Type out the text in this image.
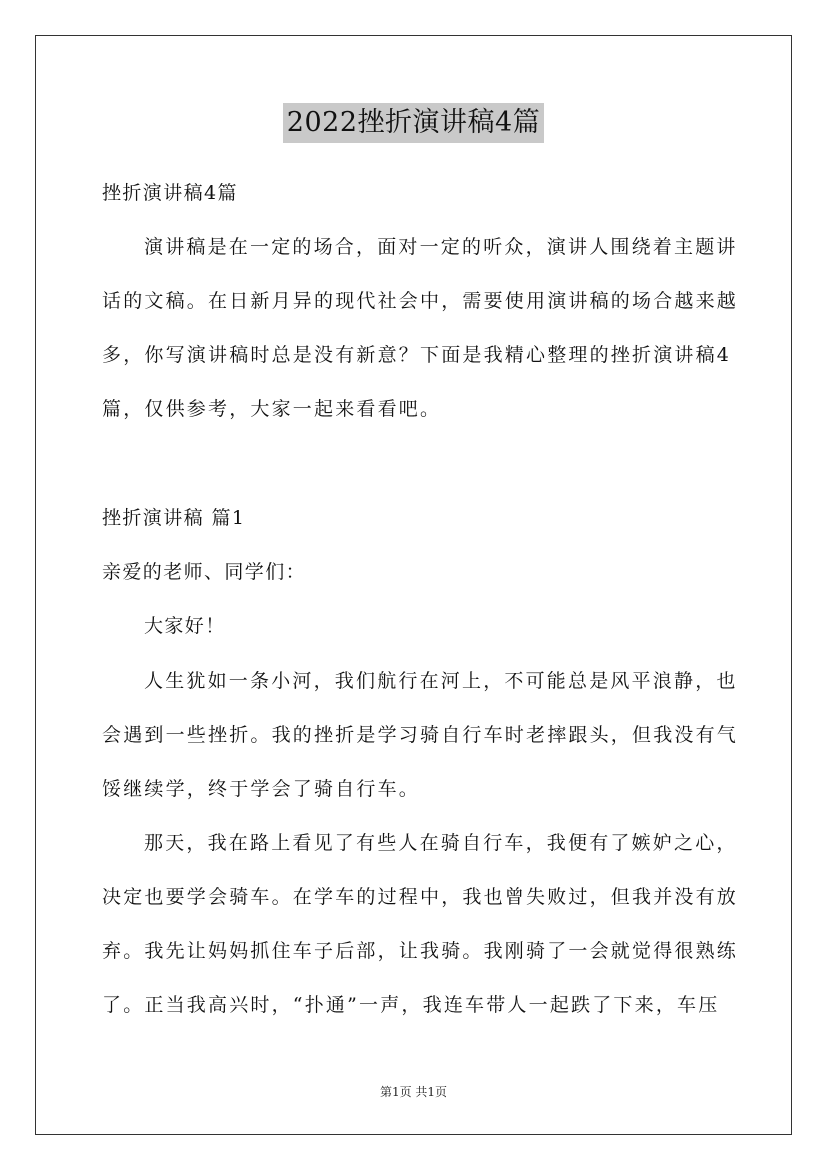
2022挫折演讲稿4篇
挫折演讲稿4篇
演讲稿是在一定的场合，面对一定的听众，演讲人围绕着主题讲
话的文稿。在日新月异的现代社会中，需要使用演讲稿的场合越来越
多，你写演讲稿时总是没有新意？下面是我精心整理的挫折演讲稿4
篇，仅供参考，大家一起来看看吧。
挫折演讲稿 篇1
亲爱的老师、同学们：
大家好！
人生犹如一条小河，我们航行在河上，不可能总是风平浪静，也
会遇到一些挫折。我的挫折是学习骑自行车时老摔跟头，但我没有气
馁继续学，终于学会了骑自行车。
那天，我在路上看见了有些人在骑自行车，我便有了嫉妒之心，
决定也要学会骑车。在学车的过程中，我也曾失败过，但我并没有放
弃。我先让妈妈抓住车子后部，让我骑。我刚骑了一会就觉得很熟练
了。正当我高兴时，“扑通”一声，我连车带人一起跌了下来，车压
第1页 共1页
